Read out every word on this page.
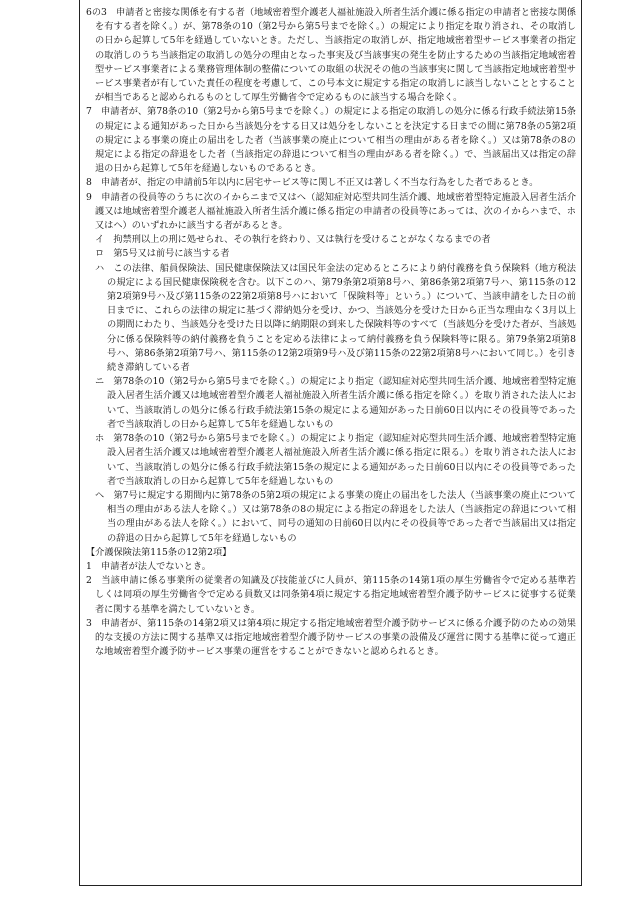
6の3　申請者と密接な関係を有する者（地域密着型介護老人福祉施設入所者生活介護に係る指定の申請者と密接な関係を有する者を除く。）が、第78条の10（第2号から第5号までを除く。）の規定により指定を取り消され、その取消しの日から起算して5年を経過していないとき。ただし、当該指定の取消しが、指定地域密着型サービス事業者の指定の取消しのうち当該指定の取消しの処分の理由となった事実及び当該事実の発生を防止するための当該指定地域密着型サービス事業者による業務管理体制の整備についての取組の状況その他の当該事実に関して当該指定地域密着型サービス事業者が有していた責任の程度を考慮して、この号本文に規定する指定の取消しに該当しないこととすることが相当であると認められるものとして厚生労働省令で定めるものに該当する場合を除く。

7　申請者が、第78条の10（第2号から第5号までを除く。）の規定による指定の取消しの処分に係る行政手続法第15条の規定による通知があった日から当該処分をする日又は処分をしないことを決定する日までの間に第78条の5第2項の規定による事業の廃止の届出をした者（当該事業の廃止について相当の理由がある者を除く。）又は第78条の8の規定による指定の辞退をした者（当該指定の辞退について相当の理由がある者を除く。）で、当該届出又は指定の辞退の日から起算して5年を経過しないものであるとき。

8　申請者が、指定の申請前5年以内に居宅サービス等に関し不正又は著しく不当な行為をした者であるとき。

9　申請者の役員等のうちに次のイからニまで又はヘ（認知症対応型共同生活介護、地域密着型特定施設入居者生活介護又は地域密着型介護老人福祉施設入所者生活介護に係る指定の申請者の役員等にあっては、次のイからハまで、ホ又はヘ）のいずれかに該当する者があるとき。

イ　拘禁刑以上の刑に処せられ、その執行を終わり、又は執行を受けることがなくなるまでの者

ロ　第5号又は前号に該当する者

ハ　この法律、船員保険法、国民健康保険法又は国民年金法の定めるところにより納付義務を負う保険料（地方税法の規定による国民健康保険税を含む。以下このハ、第79条第2項第8号ハ、第86条第2項第7号ハ、第115条の12第2項第9号ハ及び第115条の22第2項第8号ハにおいて「保険料等」という。）について、当該申請をした日の前日までに、これらの法律の規定に基づく滞納処分を受け、かつ、当該処分を受けた日から正当な理由なく3月以上の期間にわたり、当該処分を受けた日以降に納期限の到来した保険料等のすべて（当該処分を受けた者が、当該処分に係る保険料等の納付義務を負うことを定める法律によって納付義務を負う保険料等に限る。第79条第2項第8号ハ、第86条第2項第7号ハ、第115条の12第2項第9号ハ及び第115条の22第2項第8号ハにおいて同じ。）を引き続き滞納している者

ニ　第78条の10（第2号から第5号までを除く。）の規定により指定（認知症対応型共同生活介護、地域密着型特定施設入居者生活介護又は地域密着型介護老人福祉施設入所者生活介護に係る指定を除く。）を取り消された法人において、当該取消しの処分に係る行政手続法第15条の規定による通知があった日前60日以内にその役員等であった者で当該取消しの日から起算して5年を経過しないもの

ホ　第78条の10（第2号から第5号までを除く。）の規定により指定（認知症対応型共同生活介護、地域密着型特定施設入居者生活介護又は地域密着型介護老人福祉施設入所者生活介護に係る指定に限る。）を取り消された法人において、当該取消しの処分に係る行政手続法第15条の規定による通知があった日前60日以内にその役員等であった者で当該取消しの日から起算して5年を経過しないもの

ヘ　第7号に規定する期間内に第78条の5第2項の規定による事業の廃止の届出をした法人（当該事業の廃止について相当の理由がある法人を除く。）又は第78条の8の規定による指定の辞退をした法人（当該指定の辞退について相当の理由がある法人を除く。）において、同号の通知の日前60日以内にその役員等であった者で当該届出又は指定の辞退の日から起算して5年を経過しないもの

【介護保険法第115条の12第2項】

1　申請者が法人でないとき。

2　当該申請に係る事業所の従業者の知識及び技能並びに人員が、第115条の14第1項の厚生労働省令で定める基準若しくは同項の厚生労働省令で定める員数又は同条第4項に規定する指定地域密着型介護予防サービスに従事する従業者に関する基準を満たしていないとき。

3　申請者が、第115条の14第2項又は第4項に規定する指定地域密着型介護予防サービスに係る介護予防のための効果的な支援の方法に関する基準又は指定地域密着型介護予防サービスの事業の設備及び運営に関する基準に従って適正な地域密着型介護予防サービス事業の運営をすることができないと認められるとき。
